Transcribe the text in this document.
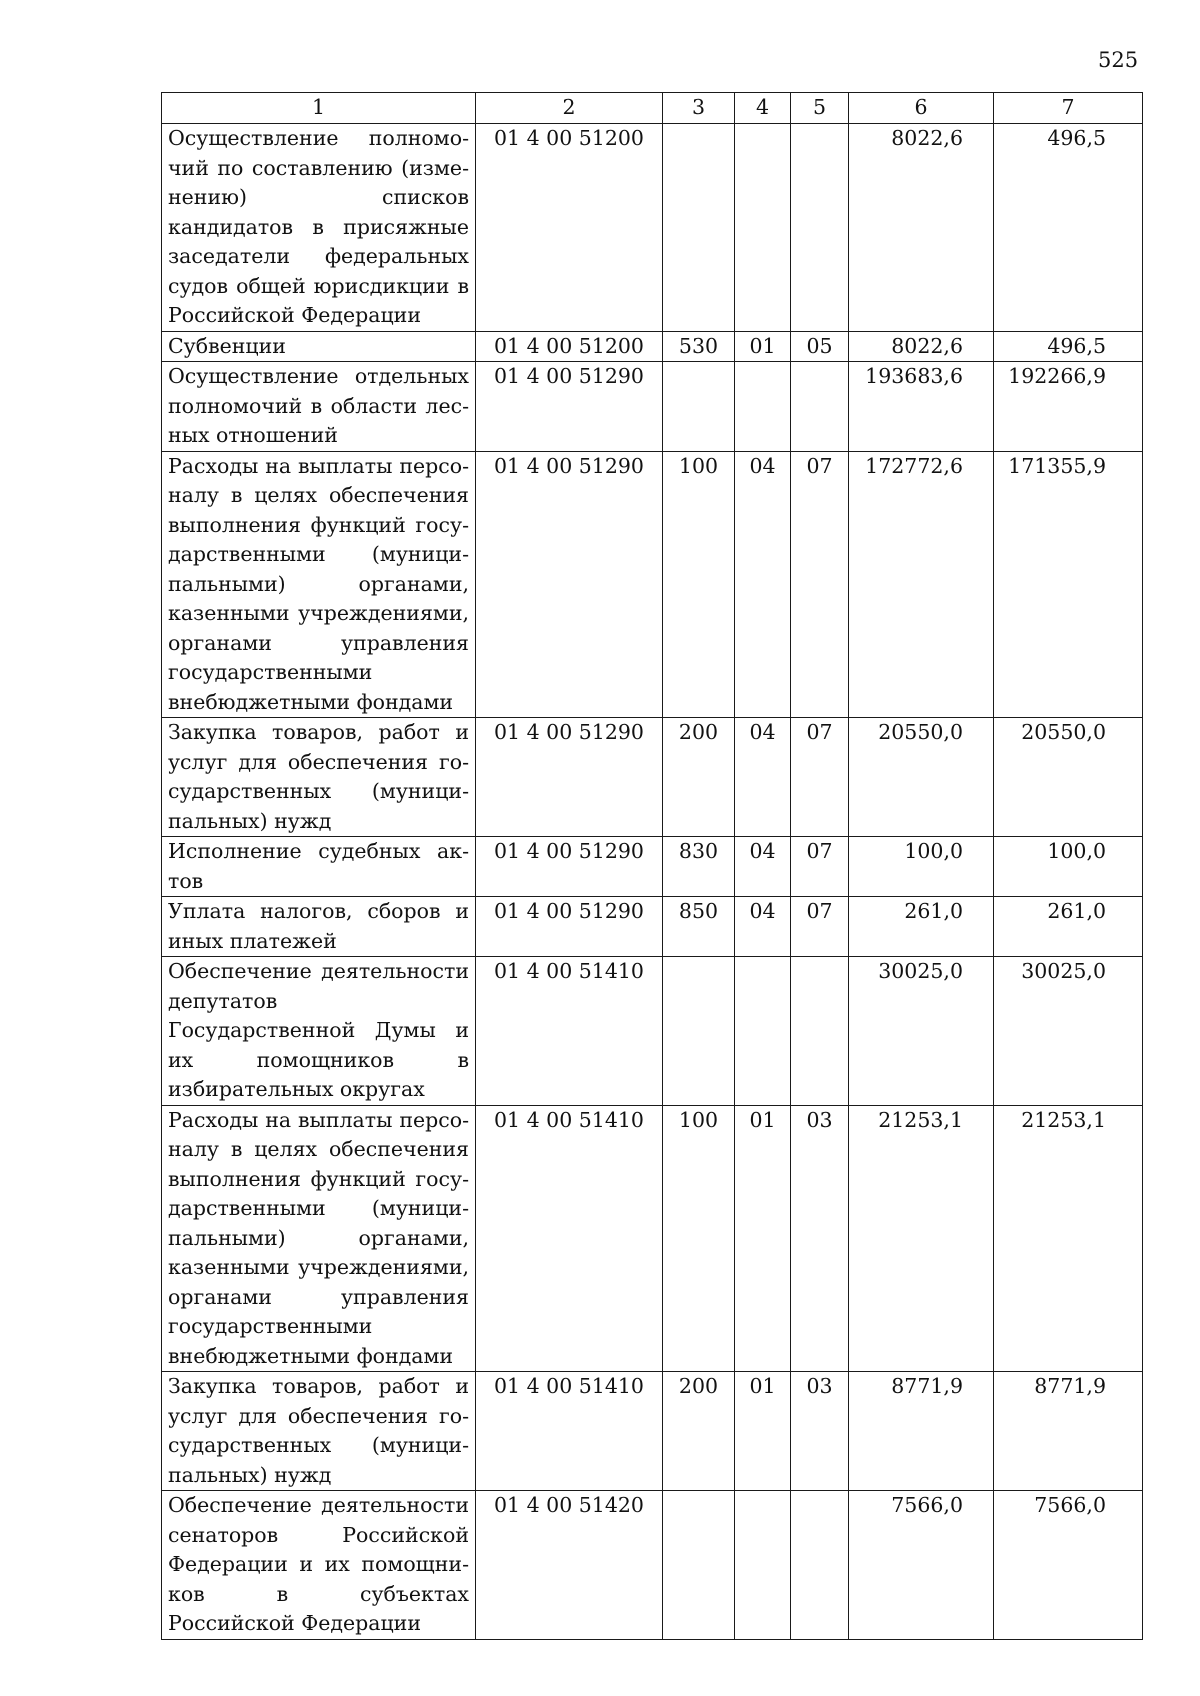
525
1	2	3	4	5	6	7
Осуществление полномочий по составлению (изменению) списков кандидатов в присяжные заседатели федеральных судов общей юрисдикции в Российской Федерации	01 4 00 51200				8022,6	496,5
Субвенции	01 4 00 51200	530	01	05	8022,6	496,5
Осуществление отдельных полномочий в области лесных отношений	01 4 00 51290				193683,6	192266,9
Расходы на выплаты персоналу в целях обеспечения выполнения функций государственными (муниципальными) органами, казенными учреждениями, органами управления государственными внебюджетными фондами	01 4 00 51290	100	04	07	172772,6	171355,9
Закупка товаров, работ и услуг для обеспечения государственных (муниципальных) нужд	01 4 00 51290	200	04	07	20550,0	20550,0
Исполнение судебных актов	01 4 00 51290	830	04	07	100,0	100,0
Уплата налогов, сборов и иных платежей	01 4 00 51290	850	04	07	261,0	261,0
Обеспечение деятельности депутатов Государственной Думы и их помощников в избирательных округах	01 4 00 51410				30025,0	30025,0
Расходы на выплаты персоналу в целях обеспечения выполнения функций государственными (муниципальными) органами, казенными учреждениями, органами управления государственными внебюджетными фондами	01 4 00 51410	100	01	03	21253,1	21253,1
Закупка товаров, работ и услуг для обеспечения государственных (муниципальных) нужд	01 4 00 51410	200	01	03	8771,9	8771,9
Обеспечение деятельности сенаторов Российской Федерации и их помощников в субъектах Российской Федерации	01 4 00 51420				7566,0	7566,0
